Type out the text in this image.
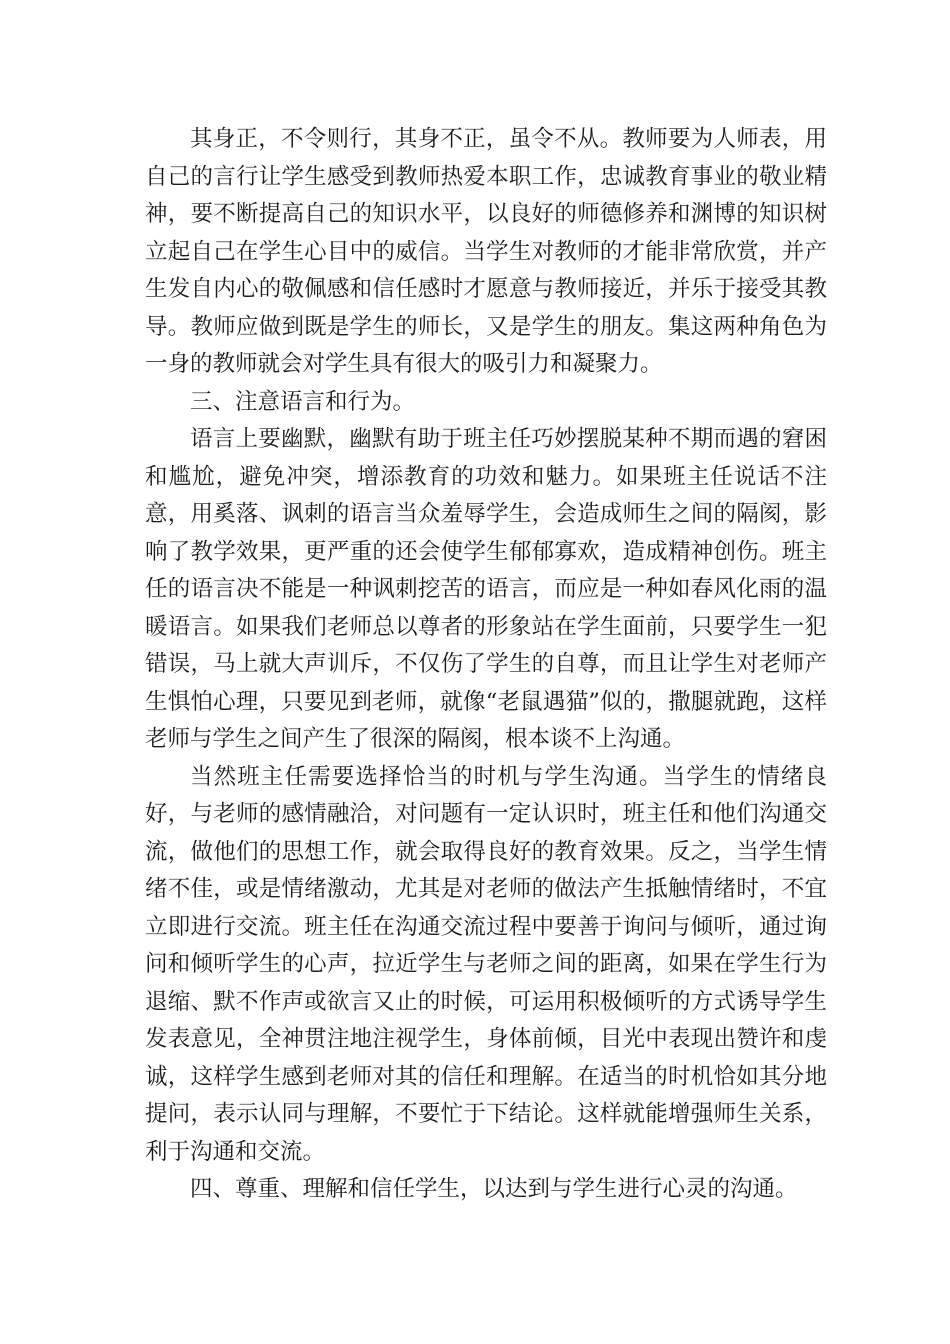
其身正，不令则行，其身不正，虽令不从。教师要为人师表，用自己的言行让学生感受到教师热爱本职工作，忠诚教育事业的敬业精神，要不断提高自己的知识水平，以良好的师德修养和渊博的知识树立起自己在学生心目中的威信。当学生对教师的才能非常欣赏，并产生发自内心的敬佩感和信任感时才愿意与教师接近，并乐于接受其教导。教师应做到既是学生的师长，又是学生的朋友。集这两种角色为一身的教师就会对学生具有很大的吸引力和凝聚力。

三、注意语言和行为。

语言上要幽默，幽默有助于班主任巧妙摆脱某种不期而遇的窘困和尴尬，避免冲突，增添教育的功效和魅力。如果班主任说话不注意，用奚落、讽刺的语言当众羞辱学生，会造成师生之间的隔阂，影响了教学效果，更严重的还会使学生郁郁寡欢，造成精神创伤。班主任的语言决不能是一种讽刺挖苦的语言，而应是一种如春风化雨的温暖语言。如果我们老师总以尊者的形象站在学生面前，只要学生一犯错误，马上就大声训斥，不仅伤了学生的自尊，而且让学生对老师产生惧怕心理，只要见到老师，就像“老鼠遇猫”似的，撒腿就跑，这样老师与学生之间产生了很深的隔阂，根本谈不上沟通。

当然班主任需要选择恰当的时机与学生沟通。当学生的情绪良好，与老师的感情融洽，对问题有一定认识时，班主任和他们沟通交流，做他们的思想工作，就会取得良好的教育效果。反之，当学生情绪不佳，或是情绪激动，尤其是对老师的做法产生抵触情绪时，不宜立即进行交流。班主任在沟通交流过程中要善于询问与倾听，通过询问和倾听学生的心声，拉近学生与老师之间的距离，如果在学生行为退缩、默不作声或欲言又止的时候，可运用积极倾听的方式诱导学生发表意见，全神贯注地注视学生，身体前倾，目光中表现出赞许和虔诚，这样学生感到老师对其的信任和理解。在适当的时机恰如其分地提问，表示认同与理解，不要忙于下结论。这样就能增强师生关系，利于沟通和交流。

四、尊重、理解和信任学生，以达到与学生进行心灵的沟通。
